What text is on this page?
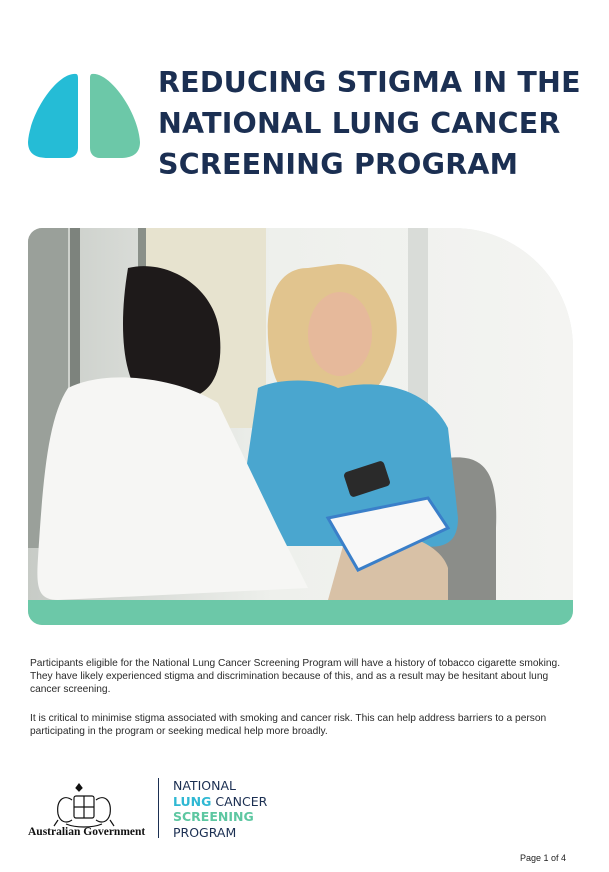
REDUCING STIGMA IN THE
NATIONAL LUNG CANCER
SCREENING PROGRAM
Participants eligible for the National Lung Cancer Screening Program will have a history of tobacco cigarette smoking. They have likely experienced stigma and discrimination because of this, and as a result may be hesitant about lung cancer screening.
It is critical to minimise stigma associated with smoking and cancer risk. This can help address barriers to a person participating in the program or seeking medical help more broadly.
Australian Government
NATIONAL
LUNG CANCER
SCREENING
PROGRAM
Page 1 of 4
